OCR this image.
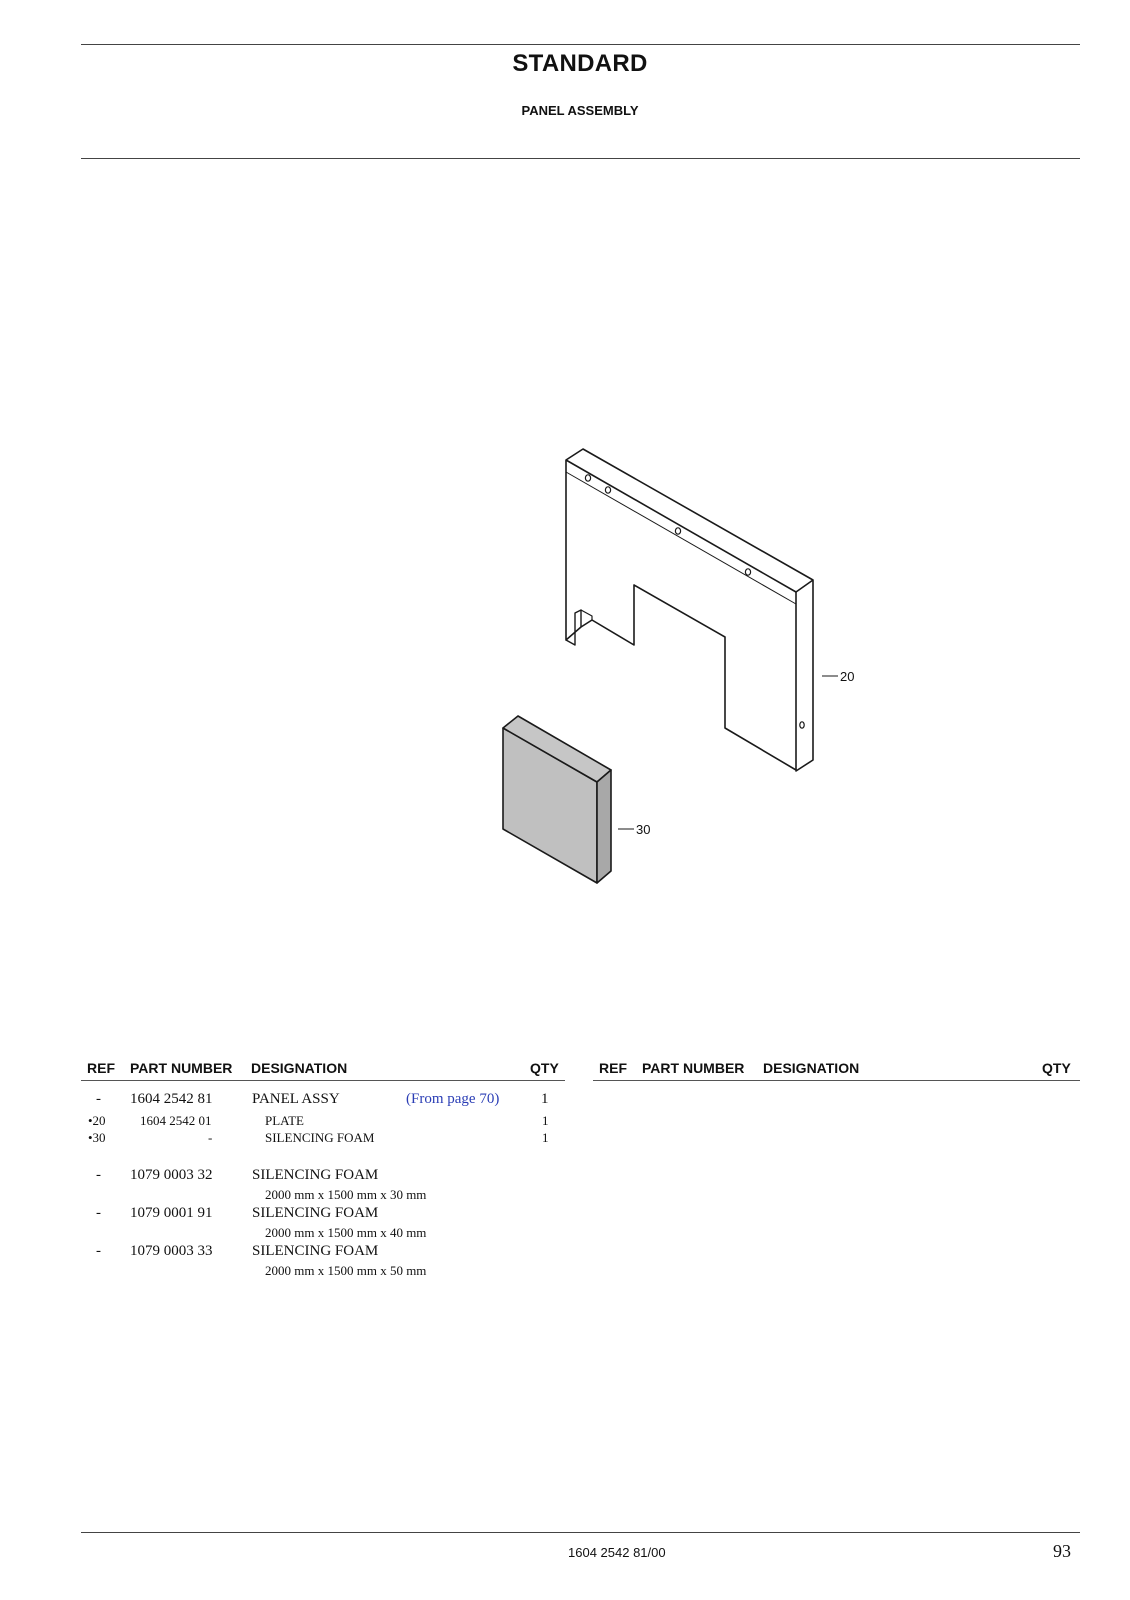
STANDARD
PANEL ASSEMBLY
20
30
REF PART NUMBER DESIGNATION	QTY	REF PART NUMBER DESIGNATION	QTY
- 1604 2542 81	PANEL ASSY	(From page 70)	1
•20	1604 2542 01	PLATE	1
•30	-	SILENCING FOAM	1
- 1079 0003 32	SILENCING FOAM
2000 mm x 1500 mm x 30 mm
- 1079 0001 91	SILENCING FOAM
2000 mm x 1500 mm x 40 mm
- 1079 0003 33	SILENCING FOAM
2000 mm x 1500 mm x 50 mm
1604 2542 81/00	93
